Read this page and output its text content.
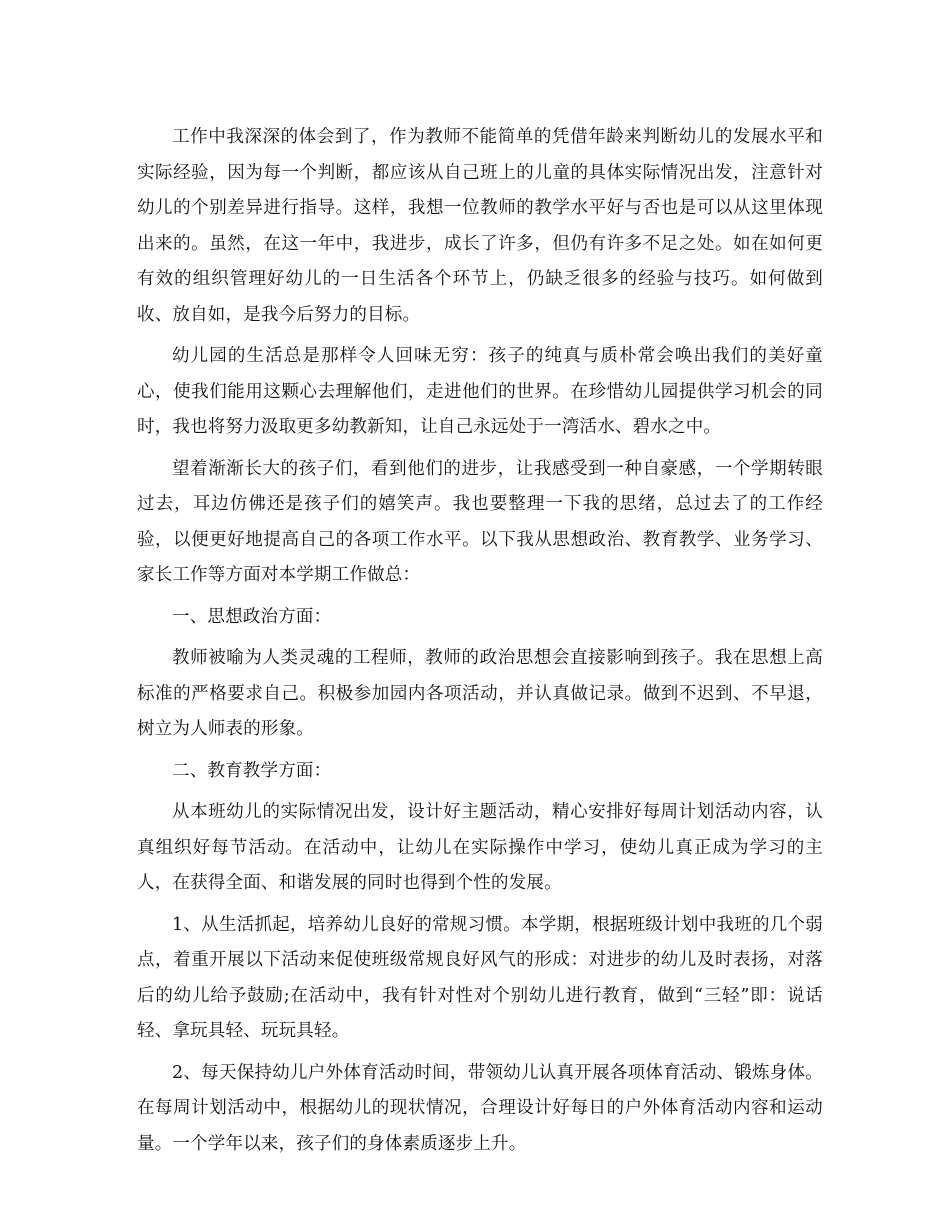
工作中我深深的体会到了，作为教师不能简单的凭借年龄来判断幼儿的发展水平和实际经验，因为每一个判断，都应该从自己班上的儿童的具体实际情况出发，注意针对幼儿的个别差异进行指导。这样，我想一位教师的教学水平好与否也是可以从这里体现出来的。虽然，在这一年中，我进步，成长了许多，但仍有许多不足之处。如在如何更有效的组织管理好幼儿的一日生活各个环节上，仍缺乏很多的经验与技巧。如何做到收、放自如，是我今后努力的目标。

幼儿园的生活总是那样令人回味无穷：孩子的纯真与质朴常会唤出我们的美好童心，使我们能用这颗心去理解他们，走进他们的世界。在珍惜幼儿园提供学习机会的同时，我也将努力汲取更多幼教新知，让自己永远处于一湾活水、碧水之中。

望着渐渐长大的孩子们，看到他们的进步，让我感受到一种自豪感，一个学期转眼过去，耳边仿佛还是孩子们的嬉笑声。我也要整理一下我的思绪，总过去了的工作经验，以便更好地提高自己的各项工作水平。以下我从思想政治、教育教学、业务学习、家长工作等方面对本学期工作做总：

一、思想政治方面：

教师被喻为人类灵魂的工程师，教师的政治思想会直接影响到孩子。我在思想上高标准的严格要求自己。积极参加园内各项活动，并认真做记录。做到不迟到、不早退，树立为人师表的形象。

二、教育教学方面：

从本班幼儿的实际情况出发，设计好主题活动，精心安排好每周计划活动内容，认真组织好每节活动。在活动中，让幼儿在实际操作中学习，使幼儿真正成为学习的主人，在获得全面、和谐发展的同时也得到个性的发展。

1、从生活抓起，培养幼儿良好的常规习惯。本学期，根据班级计划中我班的几个弱点，着重开展以下活动来促使班级常规良好风气的形成：对进步的幼儿及时表扬，对落后的幼儿给予鼓励;在活动中，我有针对性对个别幼儿进行教育，做到“三轻”即：说话轻、拿玩具轻、玩玩具轻。

2、每天保持幼儿户外体育活动时间，带领幼儿认真开展各项体育活动、锻炼身体。在每周计划活动中，根据幼儿的现状情况，合理设计好每日的户外体育活动内容和运动量。一个学年以来，孩子们的身体素质逐步上升。
